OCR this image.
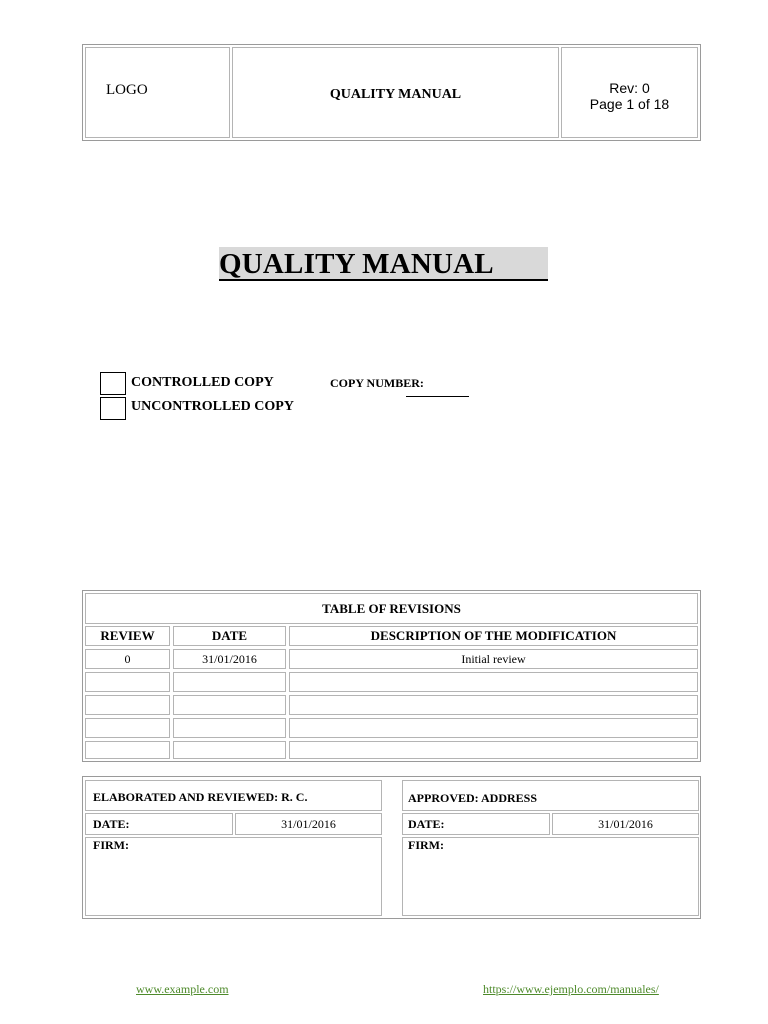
LOGO	QUALITY MANUAL	Rev: 0
Page 1 of 18
QUALITY MANUAL
CONTROLLED COPY
UNCONTROLLED COPY
COPY NUMBER:
TABLE OF REVISIONS
REVIEW	DATE	DESCRIPTION OF THE MODIFICATION
0	31/01/2016	Initial review
ELABORATED AND REVIEWED: R. C.
DATE:	31/01/2016
FIRM:
APPROVED: ADDRESS
DATE:	31/01/2016
FIRM:
www.example.com	https://www.ejemplo.com/manuales/
